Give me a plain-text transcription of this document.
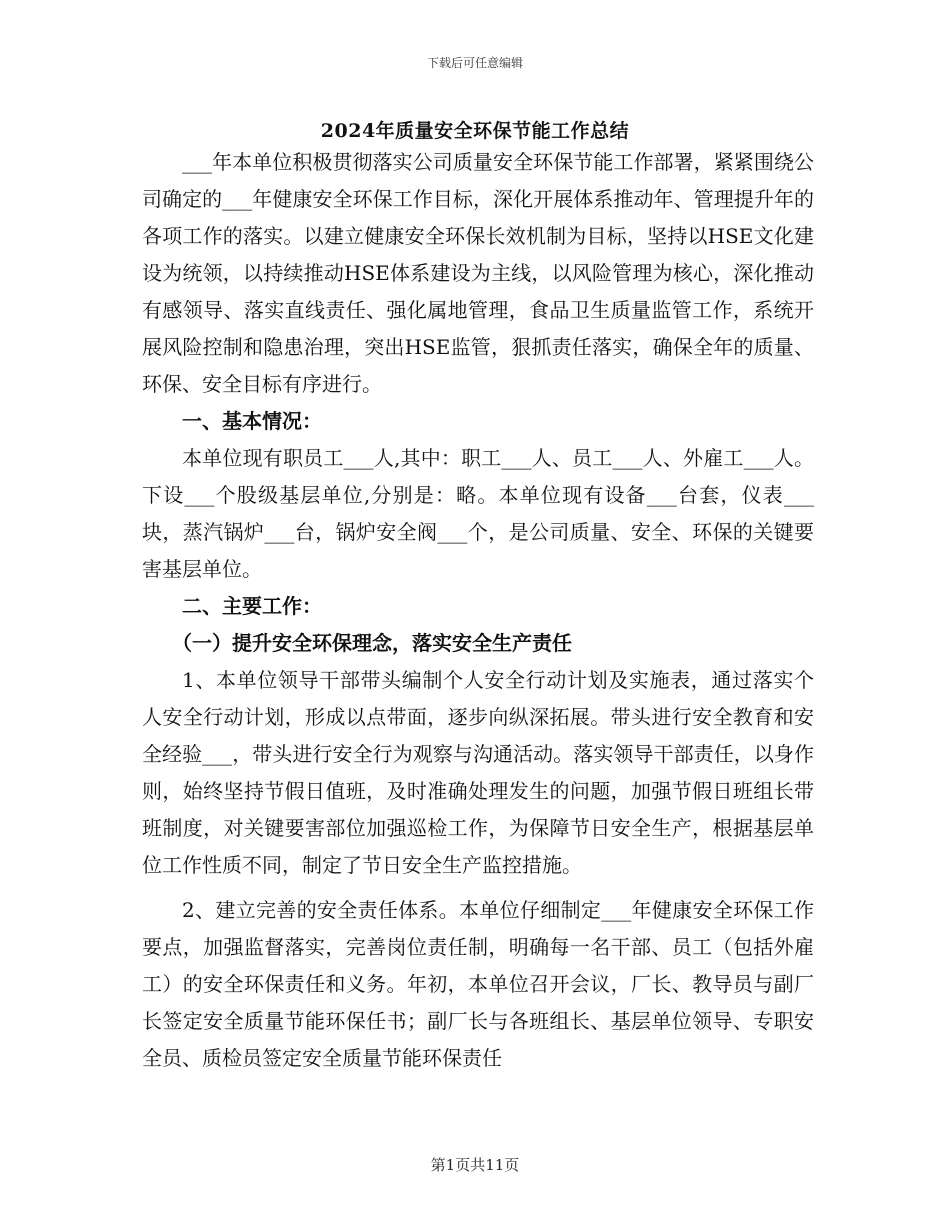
下载后可任意编辑
2024年质量安全环保节能工作总结

___年本单位积极贯彻落实公司质量安全环保节能工作部署，紧紧围绕公司确定的___年健康安全环保工作目标，深化开展体系推动年、管理提升年的各项工作的落实。以建立健康安全环保长效机制为目标，坚持以HSE文化建设为统领，以持续推动HSE体系建设为主线，以风险管理为核心，深化推动有感领导、落实直线责任、强化属地管理，食品卫生质量监管工作，系统开展风险控制和隐患治理，突出HSE监管，狠抓责任落实，确保全年的质量、环保、安全目标有序进行。

一、基本情况：

本单位现有职员工___人,其中：职工___人、员工___人、外雇工___人。下设___个股级基层单位,分别是：略。本单位现有设备___台套，仪表___块，蒸汽锅炉___台，锅炉安全阀___个，是公司质量、安全、环保的关键要害基层单位。

二、主要工作：

（一）提升安全环保理念，落实安全生产责任

1、本单位领导干部带头编制个人安全行动计划及实施表，通过落实个人安全行动计划，形成以点带面，逐步向纵深拓展。带头进行安全教育和安全经验___，带头进行安全行为观察与沟通活动。落实领导干部责任，以身作则，始终坚持节假日值班，及时准确处理发生的问题，加强节假日班组长带班制度，对关键要害部位加强巡检工作，为保障节日安全生产，根据基层单位工作性质不同，制定了节日安全生产监控措施。

2、建立完善的安全责任体系。本单位仔细制定___年健康安全环保工作要点，加强监督落实，完善岗位责任制，明确每一名干部、员工（包括外雇工）的安全环保责任和义务。年初，本单位召开会议，厂长、教导员与副厂长签定安全质量节能环保任书；副厂长与各班组长、基层单位领导、专职安全员、质检员签定安全质量节能环保责任

第1页共11页
